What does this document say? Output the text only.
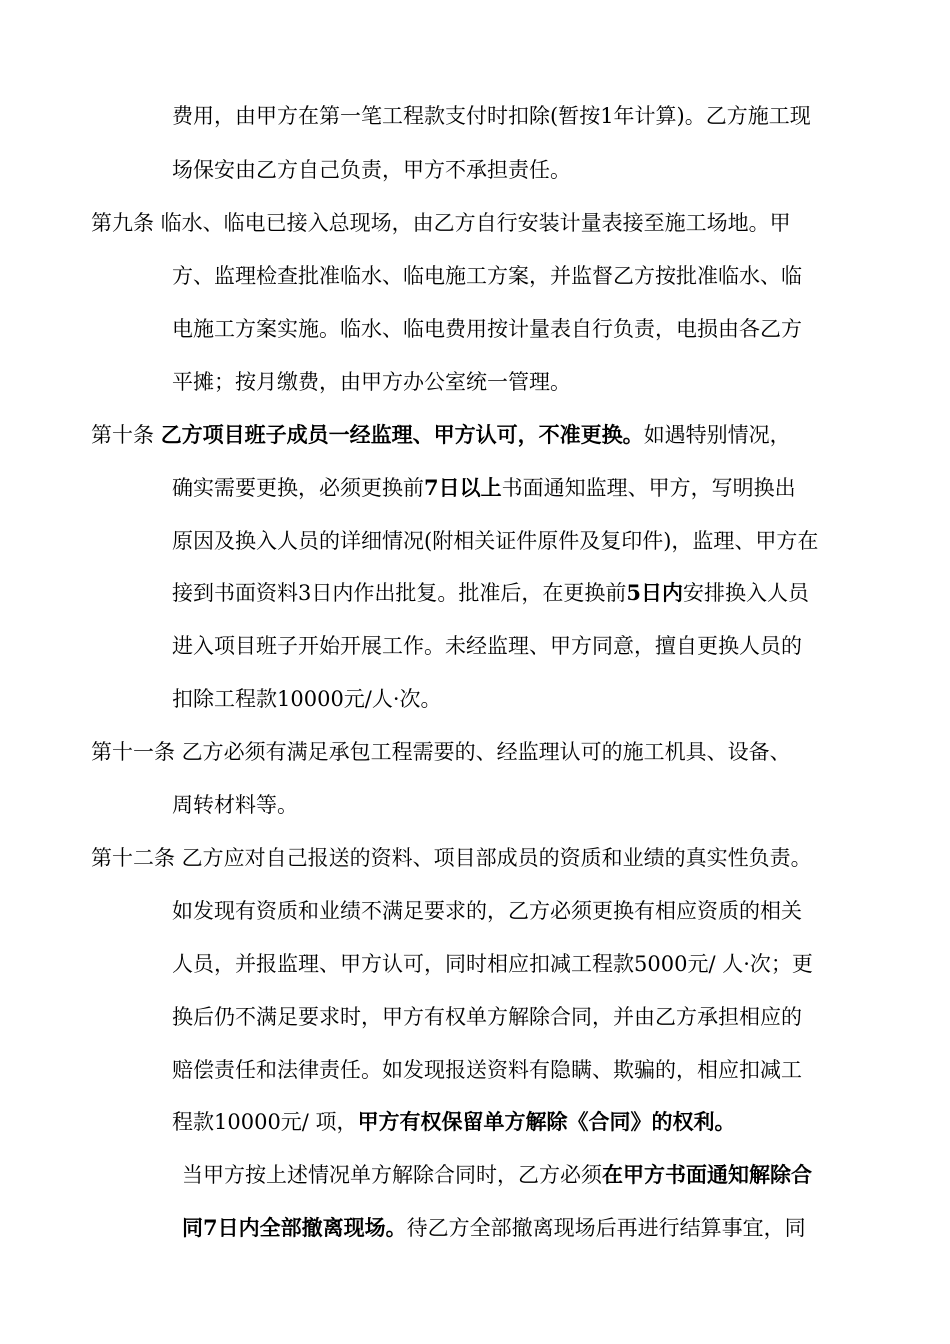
费用，由甲方在第一笔工程款支付时扣除(暂按1年计算)。乙方施工现
场保安由乙方自己负责，甲方不承担责任。
第九条 临水、临电已接入总现场，由乙方自行安装计量表接至施工场地。甲
方、监理检查批准临水、临电施工方案，并监督乙方按批准临水、临
电施工方案实施。临水、临电费用按计量表自行负责，电损由各乙方
平摊；按月缴费，由甲方办公室统一管理。
第十条 乙方项目班子成员一经监理、甲方认可，不准更换。如遇特别情况，
确实需要更换，必须更换前7日以上书面通知监理、甲方，写明换出
原因及换入人员的详细情况(附相关证件原件及复印件)，监理、甲方在
接到书面资料3日内作出批复。批准后，在更换前5日内安排换入人员
进入项目班子开始开展工作。未经监理、甲方同意，擅自更换人员的
扣除工程款10000元/人·次。
第十一条 乙方必须有满足承包工程需要的、经监理认可的施工机具、设备、
周转材料等。
第十二条 乙方应对自己报送的资料、项目部成员的资质和业绩的真实性负责。
如发现有资质和业绩不满足要求的，乙方必须更换有相应资质的相关
人员，并报监理、甲方认可，同时相应扣减工程款5000元/ 人·次；更
换后仍不满足要求时，甲方有权单方解除合同，并由乙方承担相应的
赔偿责任和法律责任。如发现报送资料有隐瞒、欺骗的，相应扣减工
程款10000元/ 项，甲方有权保留单方解除《合同》的权利。
当甲方按上述情况单方解除合同时，乙方必须在甲方书面通知解除合
同7日内全部撤离现场。待乙方全部撤离现场后再进行结算事宜，同
